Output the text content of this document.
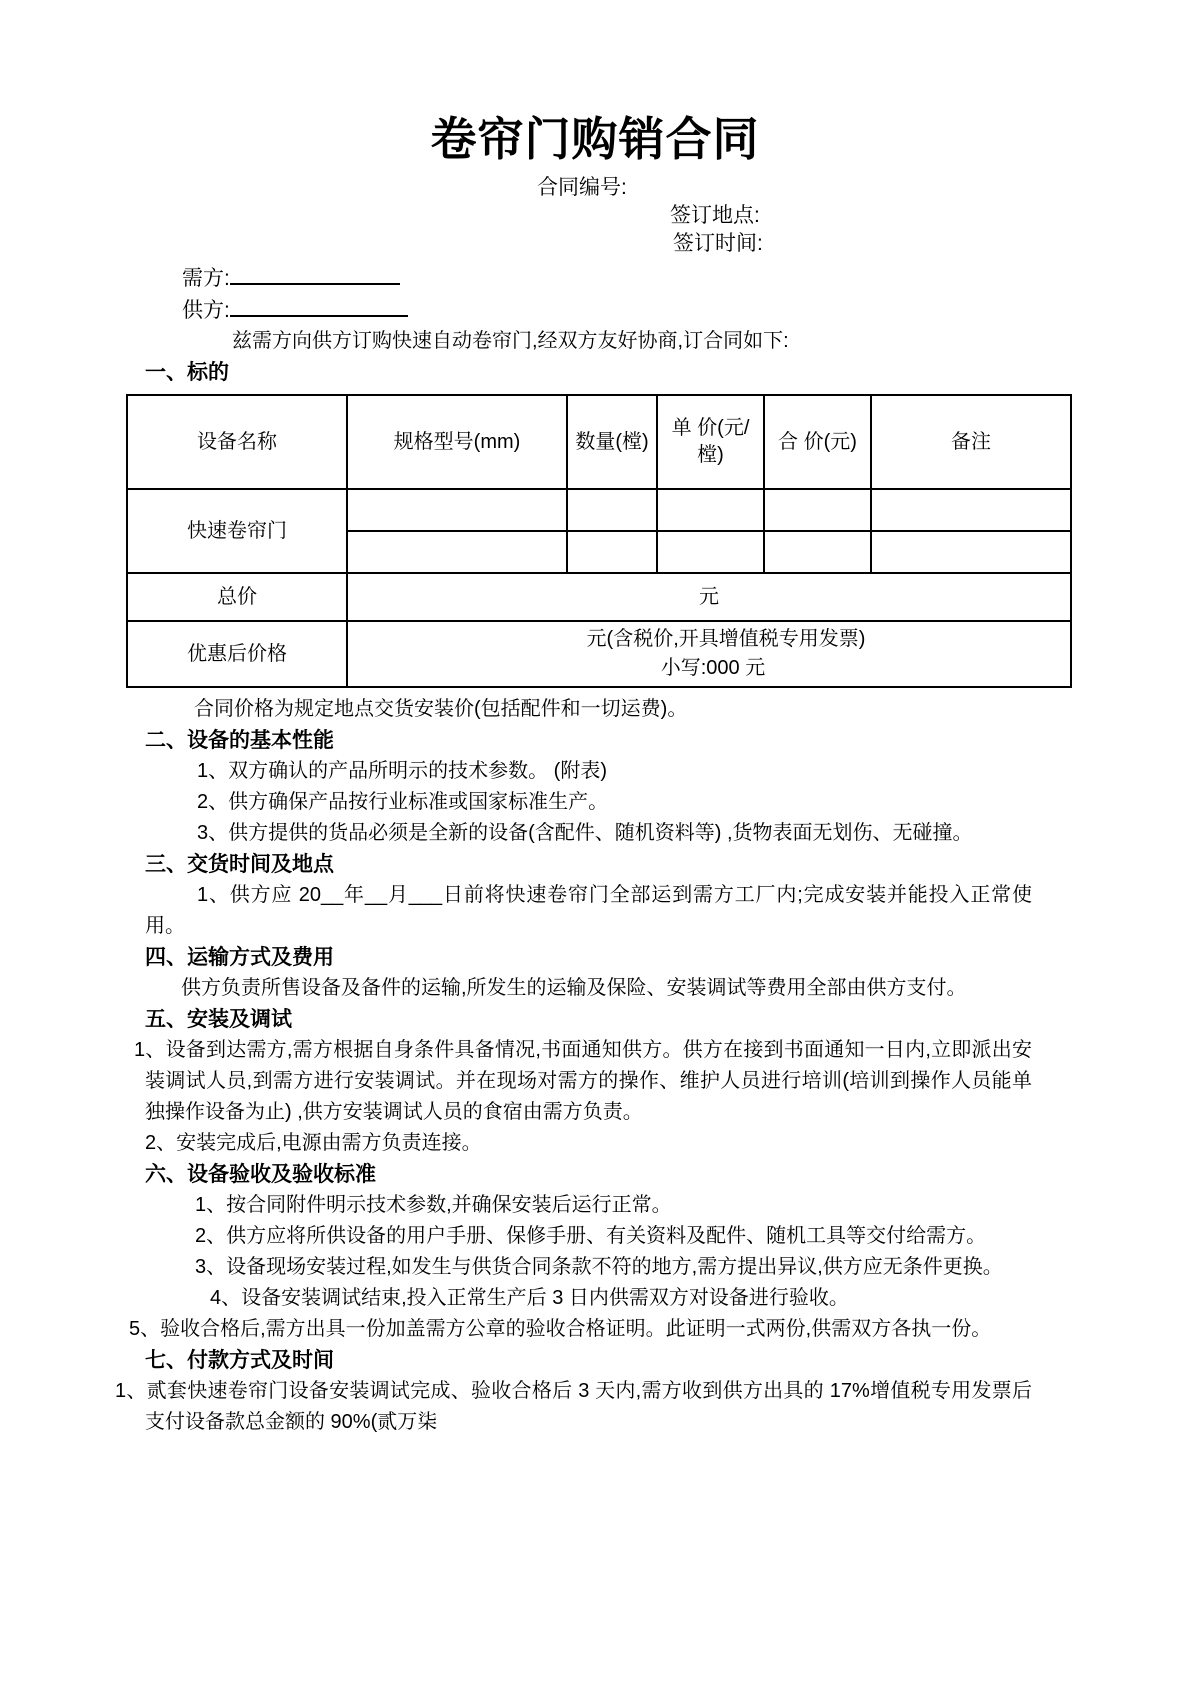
卷帘门购销合同
合同编号:
签订地点:
签订时间:
需方:
供方:

兹需方向供方订购快速自动卷帘门,经双方友好协商,订合同如下:

一、标的

设备名称	规格型号(mm)	数量(樘)	单 价(元/樘)	合 价(元)	备注
快速卷帘门					

总价	元				
优惠后价格	元(含税价,开具增值税专用发票)
小写:000 元				

合同价格为规定地点交货安装价(包括配件和一切运费)。

二、设备的基本性能

1、双方确认的产品所明示的技术参数。 (附表)

2、供方确保产品按行业标准或国家标准生产。

3、供方提供的货品必须是全新的设备(含配件、随机资料等) ,货物表面无划伤、无碰撞。

三、交货时间及地点

1、供方应 20__年__月___日前将快速卷帘门全部运到需方工厂内;完成安装并能投入正常使用。

四、运输方式及费用

供方负责所售设备及备件的运输,所发生的运输及保险、安装调试等费用全部由供方支付。

五、安装及调试

1、设备到达需方,需方根据自身条件具备情况,书面通知供方。供方在接到书面通知一日内,立即派出安装调试人员,到需方进行安装调试。并在现场对需方的操作、维护人员进行培训(培训到操作人员能单独操作设备为止) ,供方安装调试人员的食宿由需方负责。

2、安装完成后,电源由需方负责连接。

六、设备验收及验收标准

1、按合同附件明示技术参数,并确保安装后运行正常。

2、供方应将所供设备的用户手册、保修手册、有关资料及配件、随机工具等交付给需方。

3、设备现场安装过程,如发生与供货合同条款不符的地方,需方提出异议,供方应无条件更换。

4、设备安装调试结束,投入正常生产后 3 日内供需双方对设备进行验收。

5、验收合格后,需方出具一份加盖需方公章的验收合格证明。此证明一式两份,供需双方各执一份。

七、付款方式及时间

1、贰套快速卷帘门设备安装调试完成、验收合格后 3 天内,需方收到供方出具的 17%增值税专用发票后支付设备款总金额的 90%(贰万柒
